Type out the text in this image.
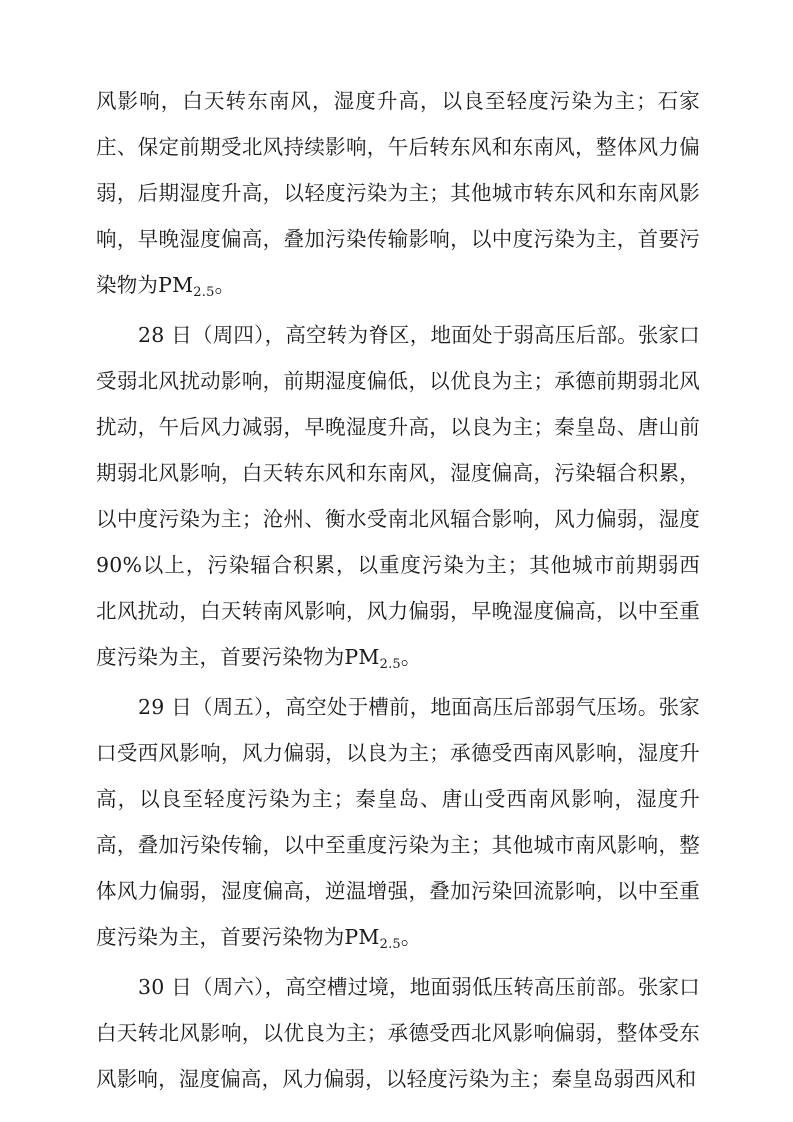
风影响，白天转东南风，湿度升高，以良至轻度污染为主；石家庄、保定前期受北风持续影响，午后转东风和东南风，整体风力偏弱，后期湿度升高，以轻度污染为主；其他城市转东风和东南风影响，早晚湿度偏高，叠加污染传输影响，以中度污染为主，首要污染物为PM2.5。

28 日（周四），高空转为脊区，地面处于弱高压后部。张家口受弱北风扰动影响，前期湿度偏低，以优良为主；承德前期弱北风扰动，午后风力减弱，早晚湿度升高，以良为主；秦皇岛、唐山前期弱北风影响，白天转东风和东南风，湿度偏高，污染辐合积累，以中度污染为主；沧州、衡水受南北风辐合影响，风力偏弱，湿度90%以上，污染辐合积累，以重度污染为主；其他城市前期弱西北风扰动，白天转南风影响，风力偏弱，早晚湿度偏高，以中至重度污染为主，首要污染物为PM2.5。

29 日（周五），高空处于槽前，地面高压后部弱气压场。张家口受西风影响，风力偏弱，以良为主；承德受西南风影响，湿度升高，以良至轻度污染为主；秦皇岛、唐山受西南风影响，湿度升高，叠加污染传输，以中至重度污染为主；其他城市南风影响，整体风力偏弱，湿度偏高，逆温增强，叠加污染回流影响，以中至重度污染为主，首要污染物为PM2.5。

30 日（周六），高空槽过境，地面弱低压转高压前部。张家口白天转北风影响，以优良为主；承德受西北风影响偏弱，整体受东风影响，湿度偏高，风力偏弱，以轻度污染为主；秦皇岛弱西风和
